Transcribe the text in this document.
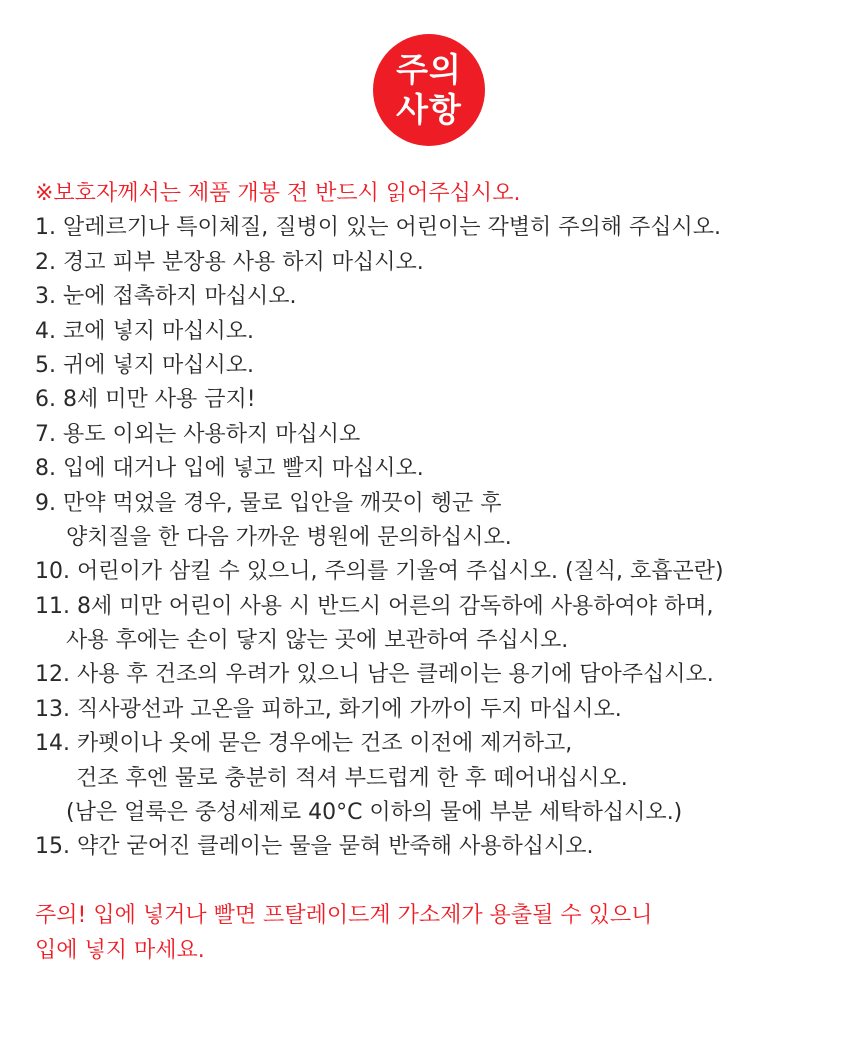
주의
사항
※보호자께서는 제품 개봉 전 반드시 읽어주십시오.
1. 알레르기나 특이체질, 질병이 있는 어린이는 각별히 주의해 주십시오.
2. 경고 피부 분장용 사용 하지 마십시오.
3. 눈에 접촉하지 마십시오.
4. 코에 넣지 마십시오.
5. 귀에 넣지 마십시오.
6. 8세 미만 사용 금지!
7. 용도 이외는 사용하지 마십시오
8. 입에 대거나 입에 넣고 빨지 마십시오.
9. 만약 먹었을 경우, 물로 입안을 깨끗이 헹군 후
양치질을 한 다음 가까운 병원에 문의하십시오.
10. 어린이가 삼킬 수 있으니, 주의를 기울여 주십시오. (질식, 호흡곤란)
11. 8세 미만 어린이 사용 시 반드시 어른의 감독하에 사용하여야 하며,
사용 후에는 손이 닿지 않는 곳에 보관하여 주십시오.
12. 사용 후 건조의 우려가 있으니 남은 클레이는 용기에 담아주십시오.
13. 직사광선과 고온을 피하고, 화기에 가까이 두지 마십시오.
14. 카펫이나 옷에 묻은 경우에는 건조 이전에 제거하고,
건조 후엔 물로 충분히 적셔 부드럽게 한 후 떼어내십시오.
(남은 얼룩은 중성세제로 40°C 이하의 물에 부분 세탁하십시오.)
15. 약간 굳어진 클레이는 물을 묻혀 반죽해 사용하십시오.
주의! 입에 넣거나 빨면 프탈레이드계 가소제가 용출될 수 있으니
입에 넣지 마세요.
